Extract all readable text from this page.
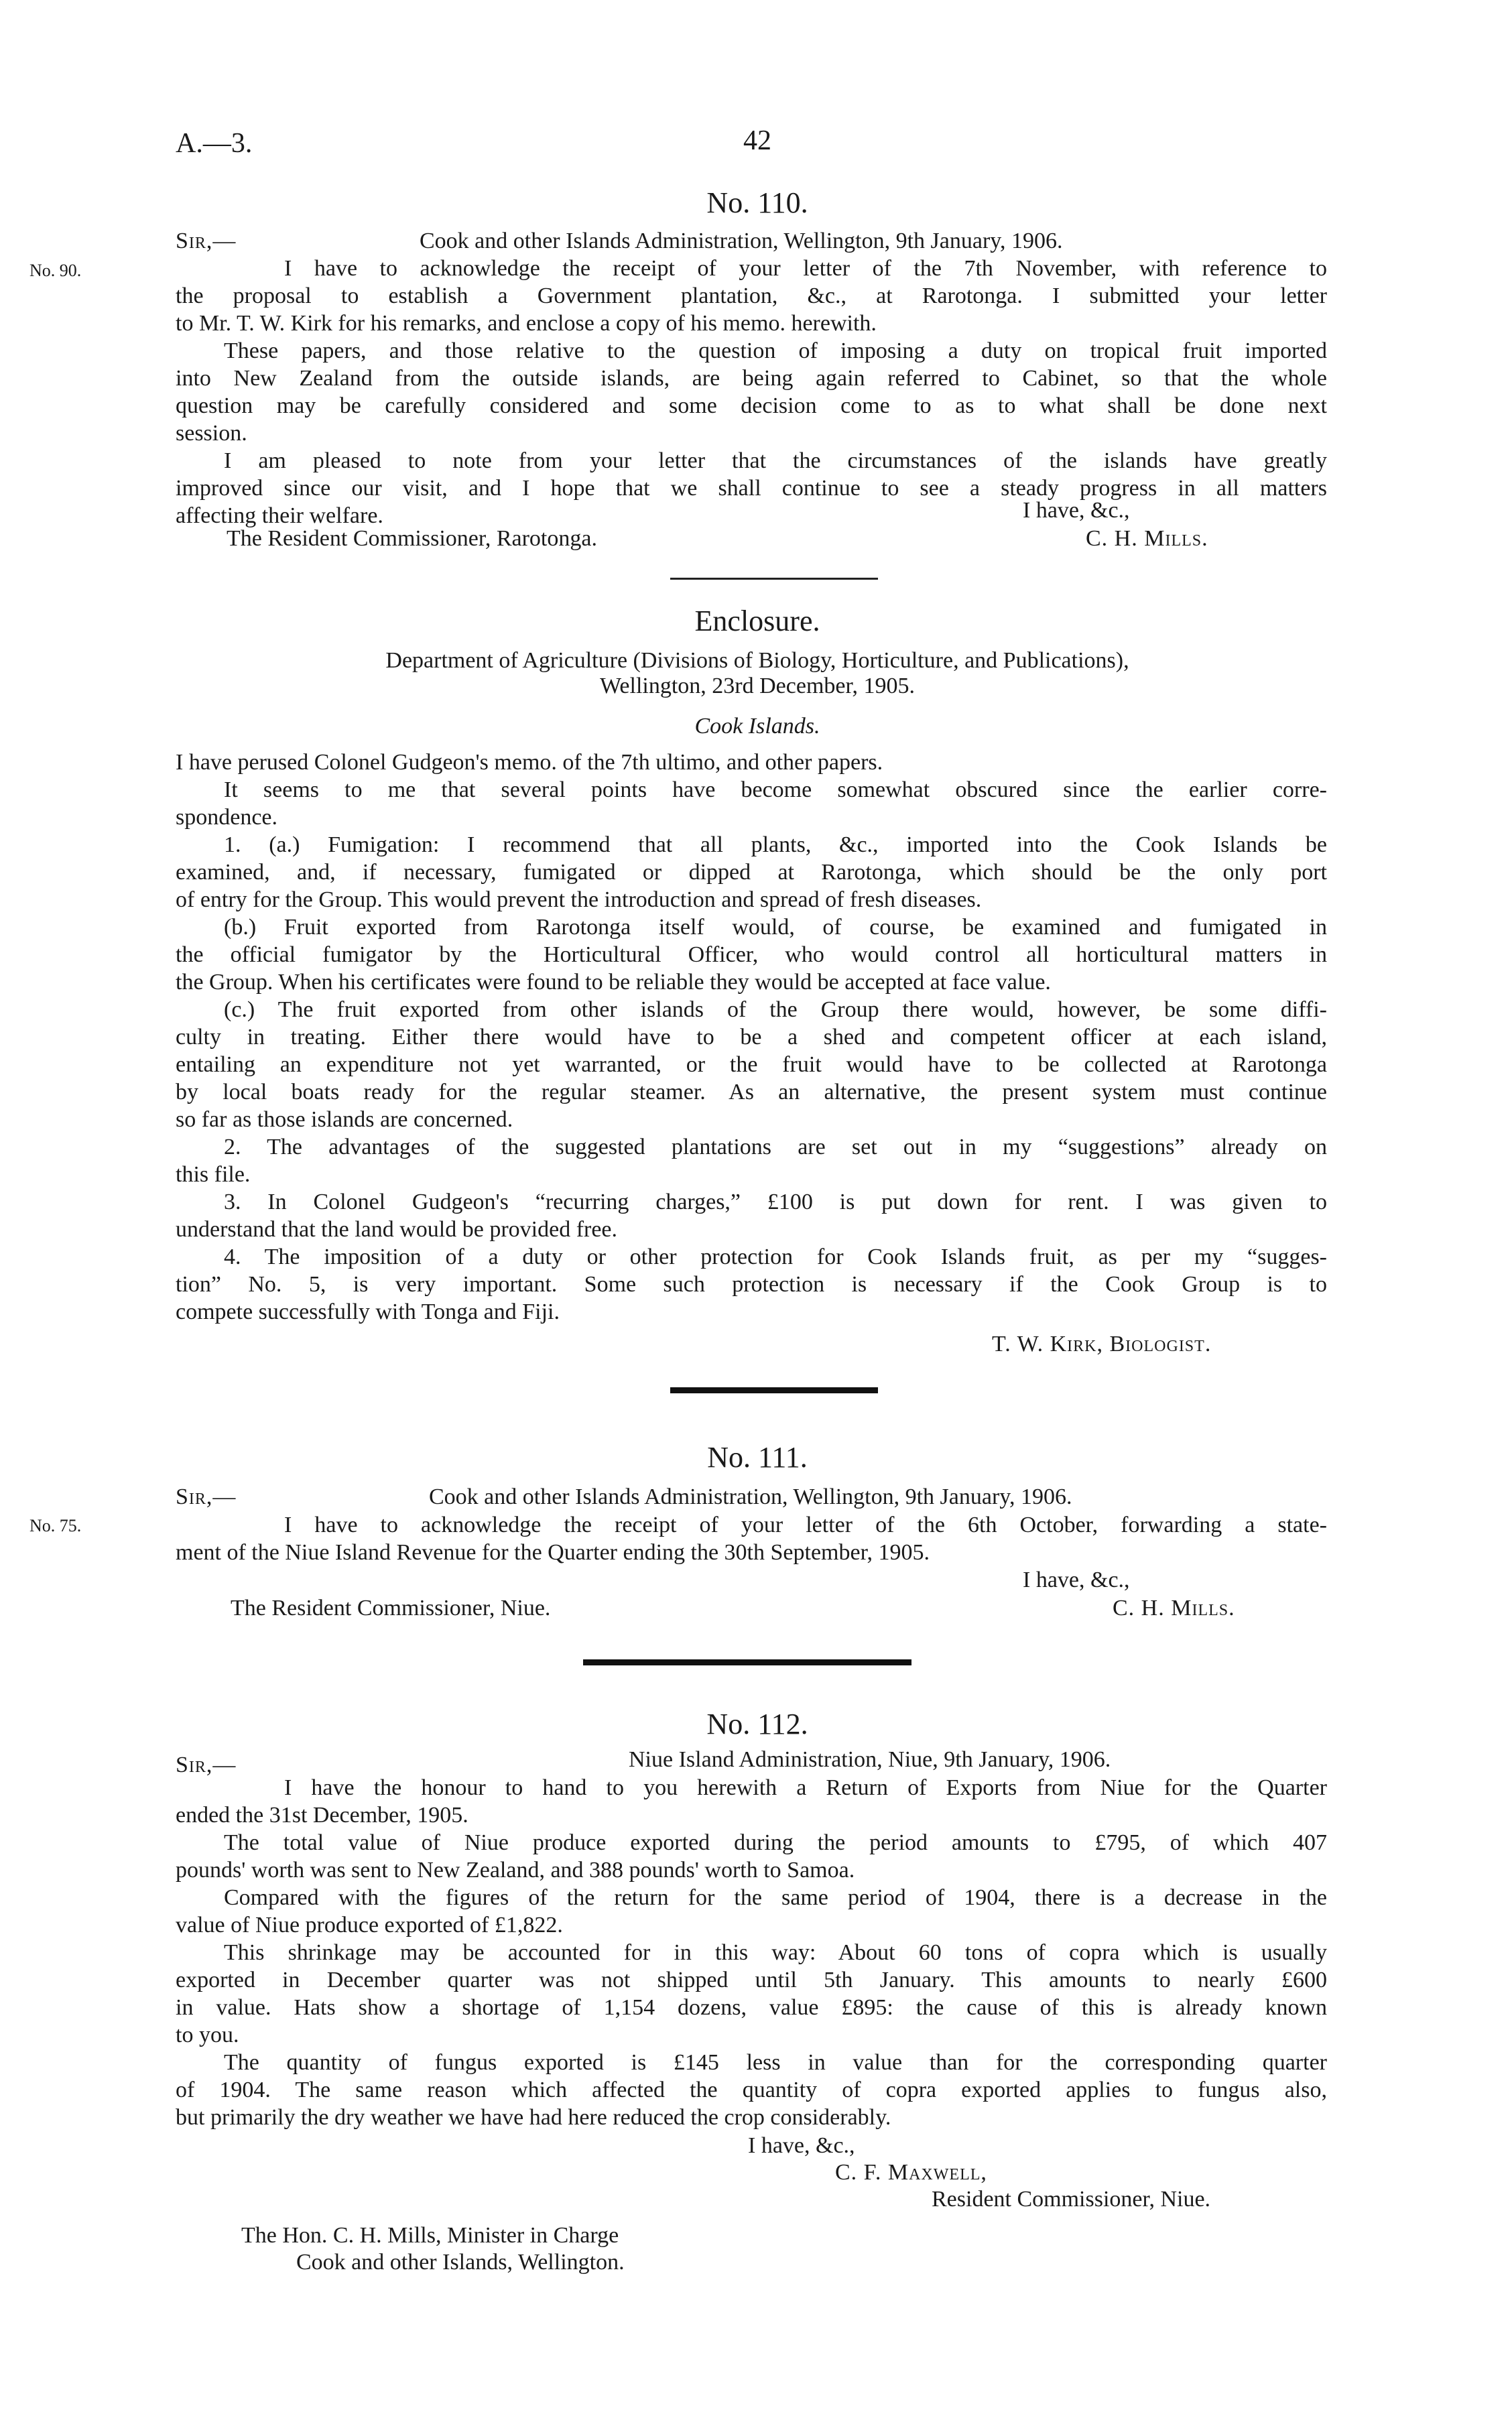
A.—3.	42
No. 110.
No. 90.
Sir,—	Cook and other Islands Administration, Wellington, 9th January, 1906.
I have to acknowledge the receipt of your letter of the 7th November, with reference to
the proposal to establish a Government plantation, &c., at Rarotonga. I submitted your letter
to Mr. T. W. Kirk for his remarks, and enclose a copy of his memo. herewith.
These papers, and those relative to the question of imposing a duty on tropical fruit imported
into New Zealand from the outside islands, are being again referred to Cabinet, so that the whole
question may be carefully considered and some decision come to as to what shall be done next
session.
I am pleased to note from your letter that the circumstances of the islands have greatly
improved since our visit, and I hope that we shall continue to see a steady progress in all matters
affecting their welfare.	I have, &c.,
The Resident Commissioner, Rarotonga.	C. H. Mills.
Enclosure.
Department of Agriculture (Divisions of Biology, Horticulture, and Publications),
Wellington, 23rd December, 1905.
Cook Islands.
I have perused Colonel Gudgeon's memo. of the 7th ultimo, and other papers.
It seems to me that several points have become somewhat obscured since the earlier corre-
spondence.
1. (a.) Fumigation: I recommend that all plants, &c., imported into the Cook Islands be
examined, and, if necessary, fumigated or dipped at Rarotonga, which should be the only port
of entry for the Group. This would prevent the introduction and spread of fresh diseases.
(b.) Fruit exported from Rarotonga itself would, of course, be examined and fumigated in
the official fumigator by the Horticultural Officer, who would control all horticultural matters in
the Group. When his certificates were found to be reliable they would be accepted at face value.
(c.) The fruit exported from other islands of the Group there would, however, be some diffi-
culty in treating. Either there would have to be a shed and competent officer at each island,
entailing an expenditure not yet warranted, or the fruit would have to be collected at Rarotonga
by local boats ready for the regular steamer. As an alternative, the present system must continue
so far as those islands are concerned.
2. The advantages of the suggested plantations are set out in my “suggestions” already on
this file.
3. In Colonel Gudgeon's “recurring charges,” £100 is put down for rent. I was given to
understand that the land would be provided free.
4. The imposition of a duty or other protection for Cook Islands fruit, as per my “sugges-
tion” No. 5, is very important. Some such protection is necessary if the Cook Group is to
compete successfully with Tonga and Fiji.
T. W. Kirk, Biologist.
No. 111.
No. 75.
Sir,—	Cook and other Islands Administration, Wellington, 9th January, 1906.
I have to acknowledge the receipt of your letter of the 6th October, forwarding a state-
ment of the Niue Island Revenue for the Quarter ending the 30th September, 1905.
I have, &c.,
The Resident Commissioner, Niue.	C. H. Mills.
No. 112.
Sir,—	Niue Island Administration, Niue, 9th January, 1906.
I have the honour to hand to you herewith a Return of Exports from Niue for the Quarter
ended the 31st December, 1905.
The total value of Niue produce exported during the period amounts to £795, of which 407
pounds' worth was sent to New Zealand, and 388 pounds' worth to Samoa.
Compared with the figures of the return for the same period of 1904, there is a decrease in the
value of Niue produce exported of £1,822.
This shrinkage may be accounted for in this way: About 60 tons of copra which is usually
exported in December quarter was not shipped until 5th January. This amounts to nearly £600
in value. Hats show a shortage of 1,154 dozens, value £895: the cause of this is already known
to you.
The quantity of fungus exported is £145 less in value than for the corresponding quarter
of 1904. The same reason which affected the quantity of copra exported applies to fungus also,
but primarily the dry weather we have had here reduced the crop considerably.
I have, &c.,
C. F. Maxwell,
Resident Commissioner, Niue.
The Hon. C. H. Mills, Minister in Charge
Cook and other Islands, Wellington.
